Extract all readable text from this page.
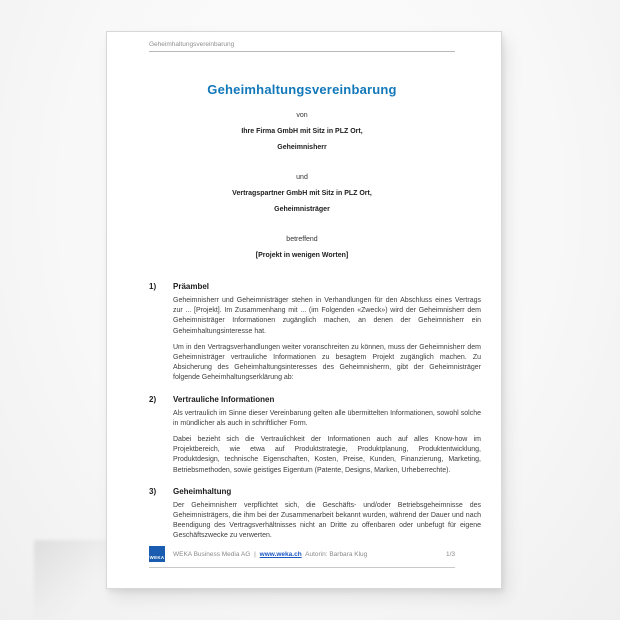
Geheimhaltungsvereinbarung
Geheimhaltungsvereinbarung

von

Ihre Firma GmbH mit Sitz in PLZ Ort,

Geheimnisherr

und

Vertragspartner GmbH mit Sitz in PLZ Ort,

Geheimnisträger

betreffend

[Projekt in wenigen Worten]

1)	Präambel

Geheimnisherr und Geheimnisträger stehen in Verhandlungen für den Abschluss eines Vertrags zur ... [Projekt]. Im Zusammenhang mit ... (im Folgenden «Zweck») wird der Geheimnisherr dem Geheimnisträger Informationen zugänglich machen, an denen der Geheimnisherr ein Geheimhaltungsinteresse hat.

Um in den Vertragsverhandlungen weiter voranschreiten zu können, muss der Geheimnisherr dem Geheimnisträger vertrauliche Informationen zu besagtem Projekt zugänglich machen. Zu Absicherung des Geheimhaltungsinteresses des Geheimnisherrn, gibt der Geheimnisträger folgende Geheimhaltungserklärung ab:

2)	Vertrauliche Informationen

Als vertraulich im Sinne dieser Vereinbarung gelten alle übermittelten Informationen, sowohl solche in mündlicher als auch in schriftlicher Form.

Dabei bezieht sich die Vertraulichkeit der Informationen auch auf alles Know-how im Projektbereich, wie etwa auf Produktstrategie, Produktplanung, Produktentwicklung, Produktdesign, technische Eigenschaften, Kosten, Preise, Kunden, Finanzierung, Marketing, Betriebsmethoden, sowie geistiges Eigentum (Patente, Designs, Marken, Urheberrechte).

3)	Geheimhaltung

Der Geheimnisherr verpflichtet sich, die Geschäfts- und/oder Betriebsgeheimnisse des Geheimnisträgers, die ihm bei der Zusammenarbeit bekannt wurden, während der Dauer und nach Beendigung des Vertragsverhältnisses nicht an Dritte zu offenbaren oder unbefugt für eigene Geschäftszwecke zu verwerten.

WEKA WEKA Business Media AG | www.weka.ch Autorin: Barbara Klug	1/3
